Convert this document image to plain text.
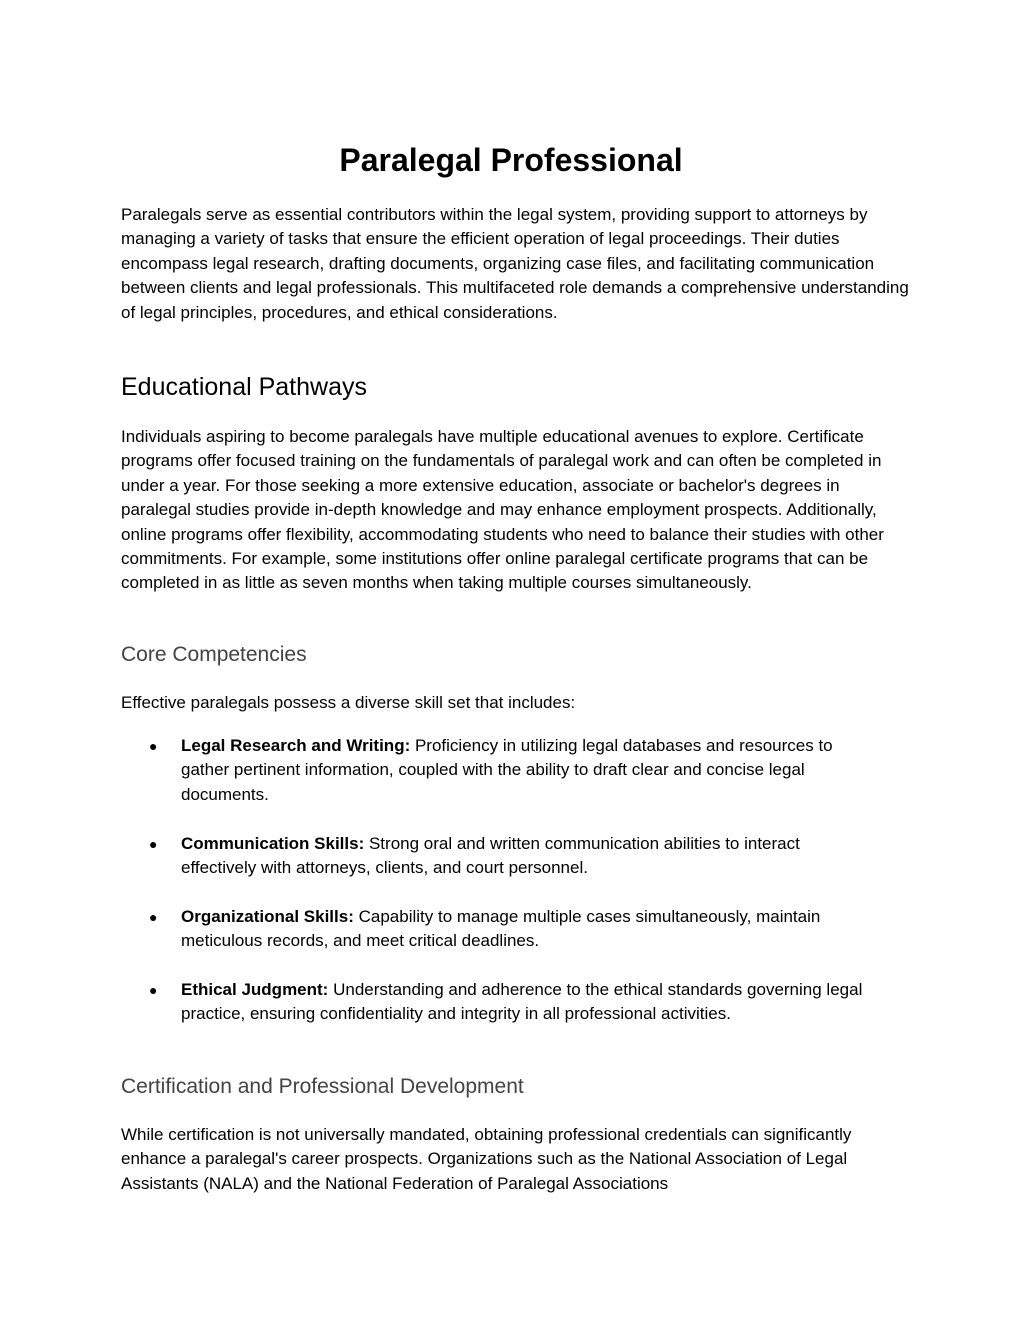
Paralegal Professional

Paralegals serve as essential contributors within the legal system, providing support to attorneys by managing a variety of tasks that ensure the efficient operation of legal proceedings. Their duties encompass legal research, drafting documents, organizing case files, and facilitating communication between clients and legal professionals. This multifaceted role demands a comprehensive understanding of legal principles, procedures, and ethical considerations.

Educational Pathways

Individuals aspiring to become paralegals have multiple educational avenues to explore. Certificate programs offer focused training on the fundamentals of paralegal work and can often be completed in under a year. For those seeking a more extensive education, associate or bachelor's degrees in paralegal studies provide in-depth knowledge and may enhance employment prospects. Additionally, online programs offer flexibility, accommodating students who need to balance their studies with other commitments. For example, some institutions offer online paralegal certificate programs that can be completed in as little as seven months when taking multiple courses simultaneously.

Core Competencies

Effective paralegals possess a diverse skill set that includes:

● Legal Research and Writing: Proficiency in utilizing legal databases and resources to gather pertinent information, coupled with the ability to draft clear and concise legal documents.
● Communication Skills: Strong oral and written communication abilities to interact effectively with attorneys, clients, and court personnel.
● Organizational Skills: Capability to manage multiple cases simultaneously, maintain meticulous records, and meet critical deadlines.
● Ethical Judgment: Understanding and adherence to the ethical standards governing legal practice, ensuring confidentiality and integrity in all professional activities.
Certification and Professional Development

While certification is not universally mandated, obtaining professional credentials can significantly enhance a paralegal's career prospects. Organizations such as the National Association of Legal Assistants (NALA) and the National Federation of Paralegal Associations
